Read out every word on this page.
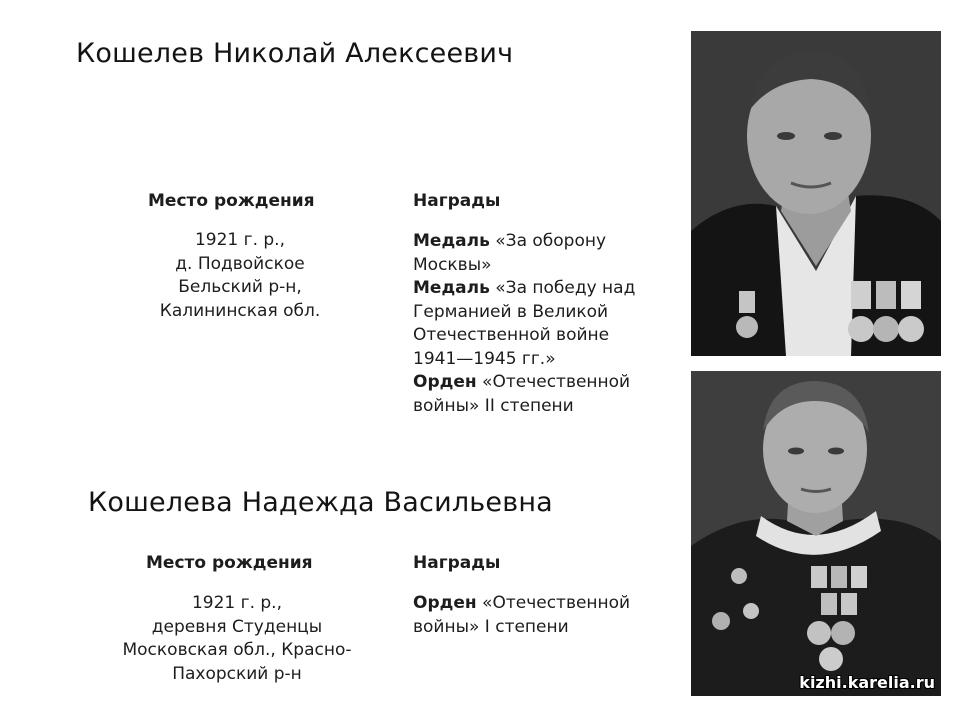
Кошелев Николай Алексеевич
Место рождения
1921 г. р.,
д. Подвойское
Бельский р-н,
Калининская обл.
Награды
Медаль «За оборону
Москвы»
Медаль «За победу над
Германией в Великой
Отечественной войне
1941—1945 гг.»
Орден «Отечественной
войны» II степени
Кошелева Надежда Васильевна
Место рождения
1921 г. р.,
деревня Студенцы
Московская обл., Красно-
Пахорский р-н
Награды
Орден «Отечественной
войны» I степени
kizhi.karelia.ru
